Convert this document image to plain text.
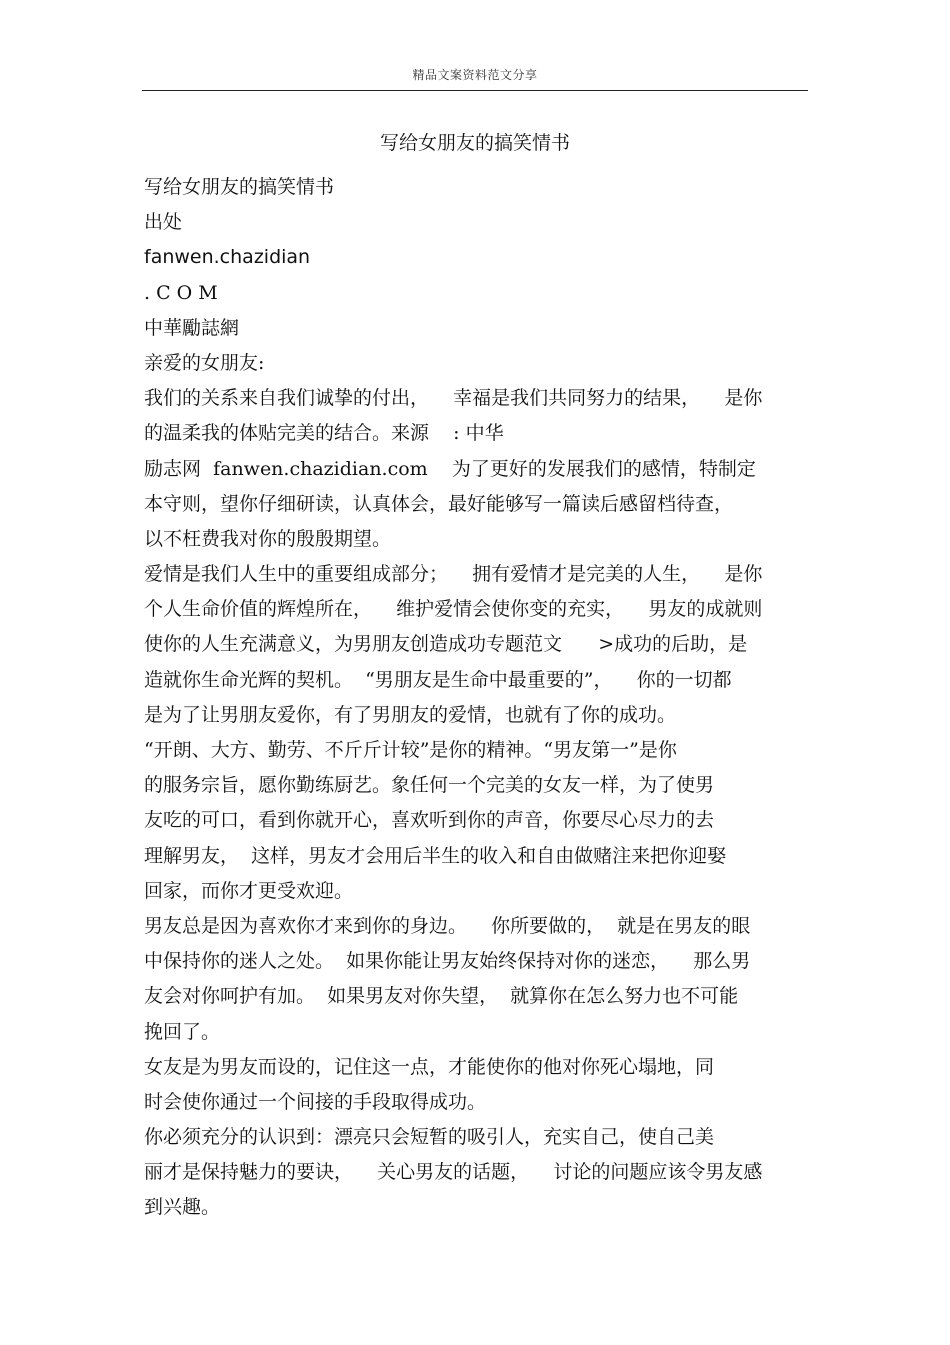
精品文案资料范文分享
写给女朋友的搞笑情书
写给女朋友的搞笑情书
出处
fanwen.chazidian
. C O M
中華勵誌網
亲爱的女朋友:
我们的关系来自我们诚挚的付出，    幸福是我们共同努力的结果，    是你
的温柔我的体贴完美的结合。来源    : 中华
励志网  fanwen.chazidian.com    为了更好的发展我们的感情，特制定
本守则，望你仔细研读，认真体会，最好能够写一篇读后感留档待查，
以不枉费我对你的殷殷期望。
爱情是我们人生中的重要组成部分；    拥有爱情才是完美的人生，    是你
个人生命价值的辉煌所在，    维护爱情会使你变的充实，    男友的成就则
使你的人生充满意义，为男朋友创造成功专题范文      >成功的后助，是
造就你生命光辉的契机。  “男朋友是生命中最重要的”，    你的一切都
是为了让男朋友爱你，有了男朋友的爱情，也就有了你的成功。
“开朗、大方、勤劳、不斤斤计较”是你的精神。“男友第一”是你
的服务宗旨，愿你勤练厨艺。象任何一个完美的女友一样，为了使男
友吃的可口，看到你就开心，喜欢听到你的声音，你要尽心尽力的去
理解男友，  这样，男友才会用后半生的收入和自由做赌注来把你迎娶
回家，而你才更受欢迎。
男友总是因为喜欢你才来到你的身边。    你所要做的，  就是在男友的眼
中保持你的迷人之处。  如果你能让男友始终保持对你的迷恋，    那么男
友会对你呵护有加。  如果男友对你失望，  就算你在怎么努力也不可能
挽回了。
女友是为男友而设的，记住这一点，才能使你的他对你死心塌地，同
时会使你通过一个间接的手段取得成功。
你必须充分的认识到：漂亮只会短暂的吸引人，充实自己，使自己美
丽才是保持魅力的要诀，    关心男友的话题，    讨论的问题应该令男友感
到兴趣。
